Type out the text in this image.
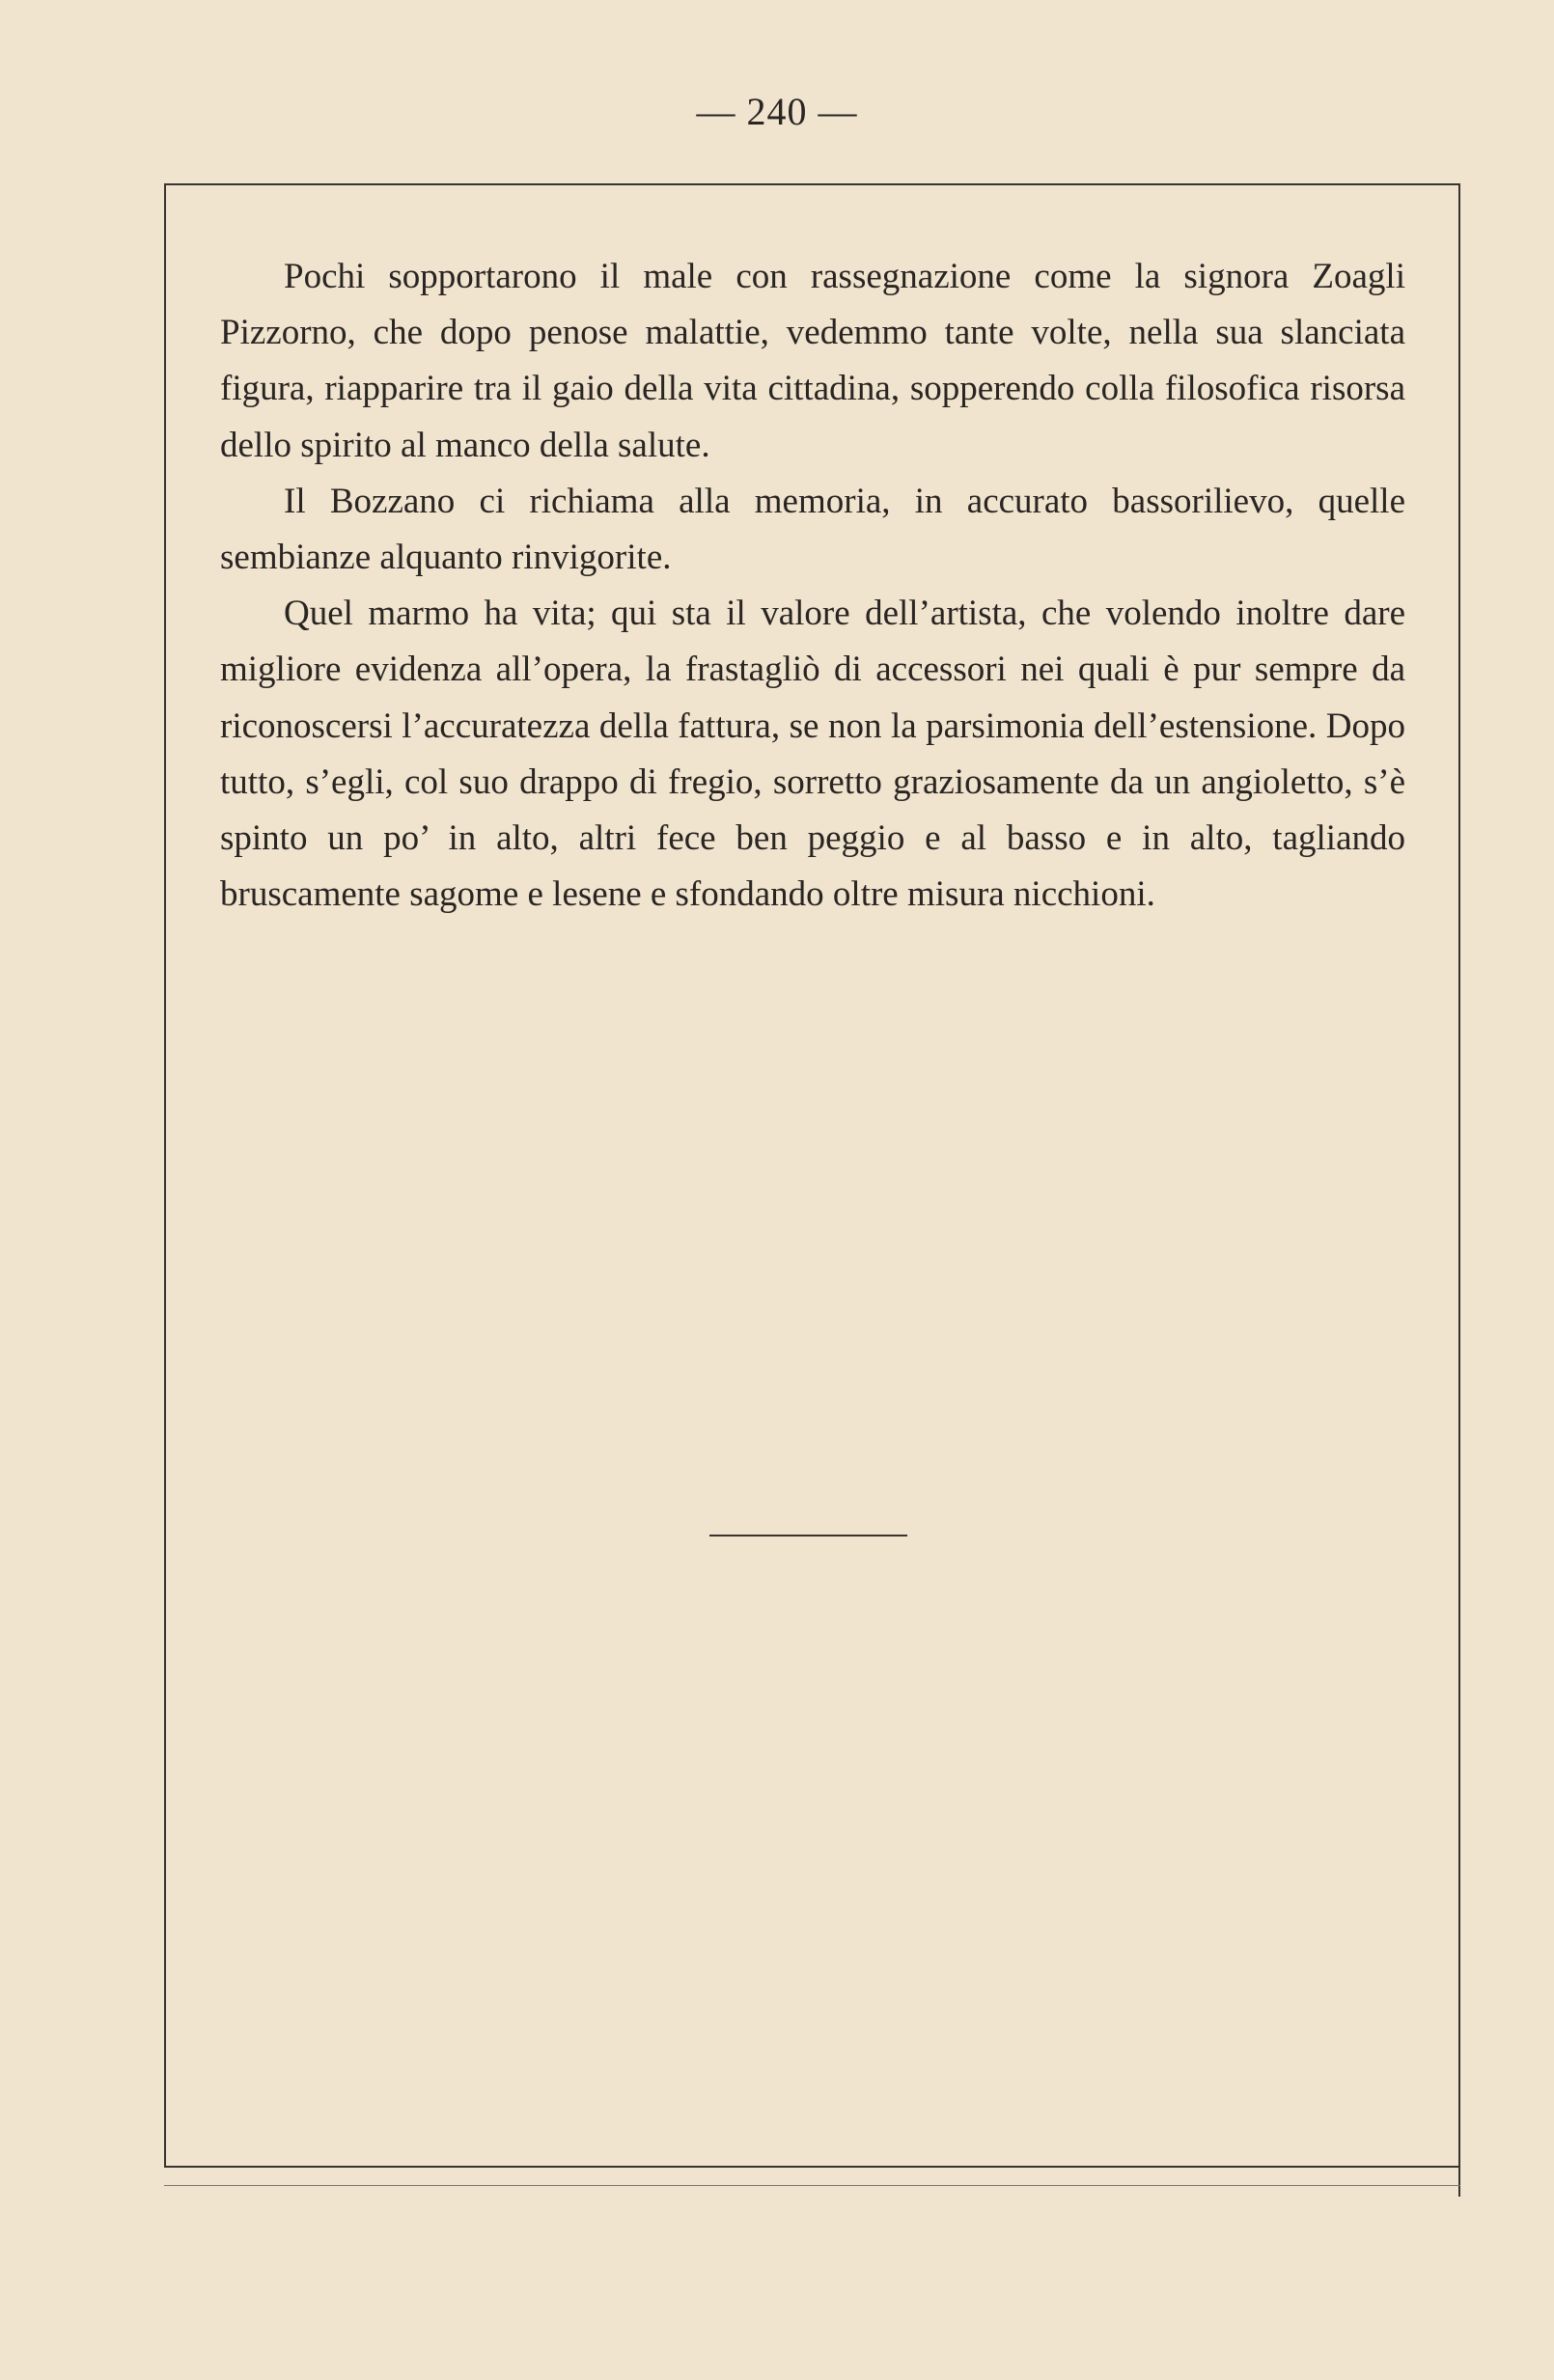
— 240 —

Pochi sopportarono il male con rassegnazione come la signora Zoagli Pizzorno, che dopo penose malattie, vedemmo tante volte, nella sua slanciata figura, riapparire tra il gaio della vita cittadina, sopperendo colla filosofica risorsa dello spirito al manco della salute.

Il Bozzano ci richiama alla memoria, in accurato bassorilievo, quelle sembianze alquanto rinvigorite.

Quel marmo ha vita; qui sta il valore dell’artista, che volendo inoltre dare migliore evidenza all’opera, la frastagliò di accessori nei quali è pur sempre da riconoscersi l’accuratezza della fattura, se non la parsimonia dell’estensione. Dopo tutto, s’egli, col suo drappo di fregio, sorretto graziosamente da un angioletto, s’è spinto un po’ in alto, altri fece ben peggio e al basso e in alto, tagliando bruscamente sagome e lesene e sfondando oltre misura nicchioni.
